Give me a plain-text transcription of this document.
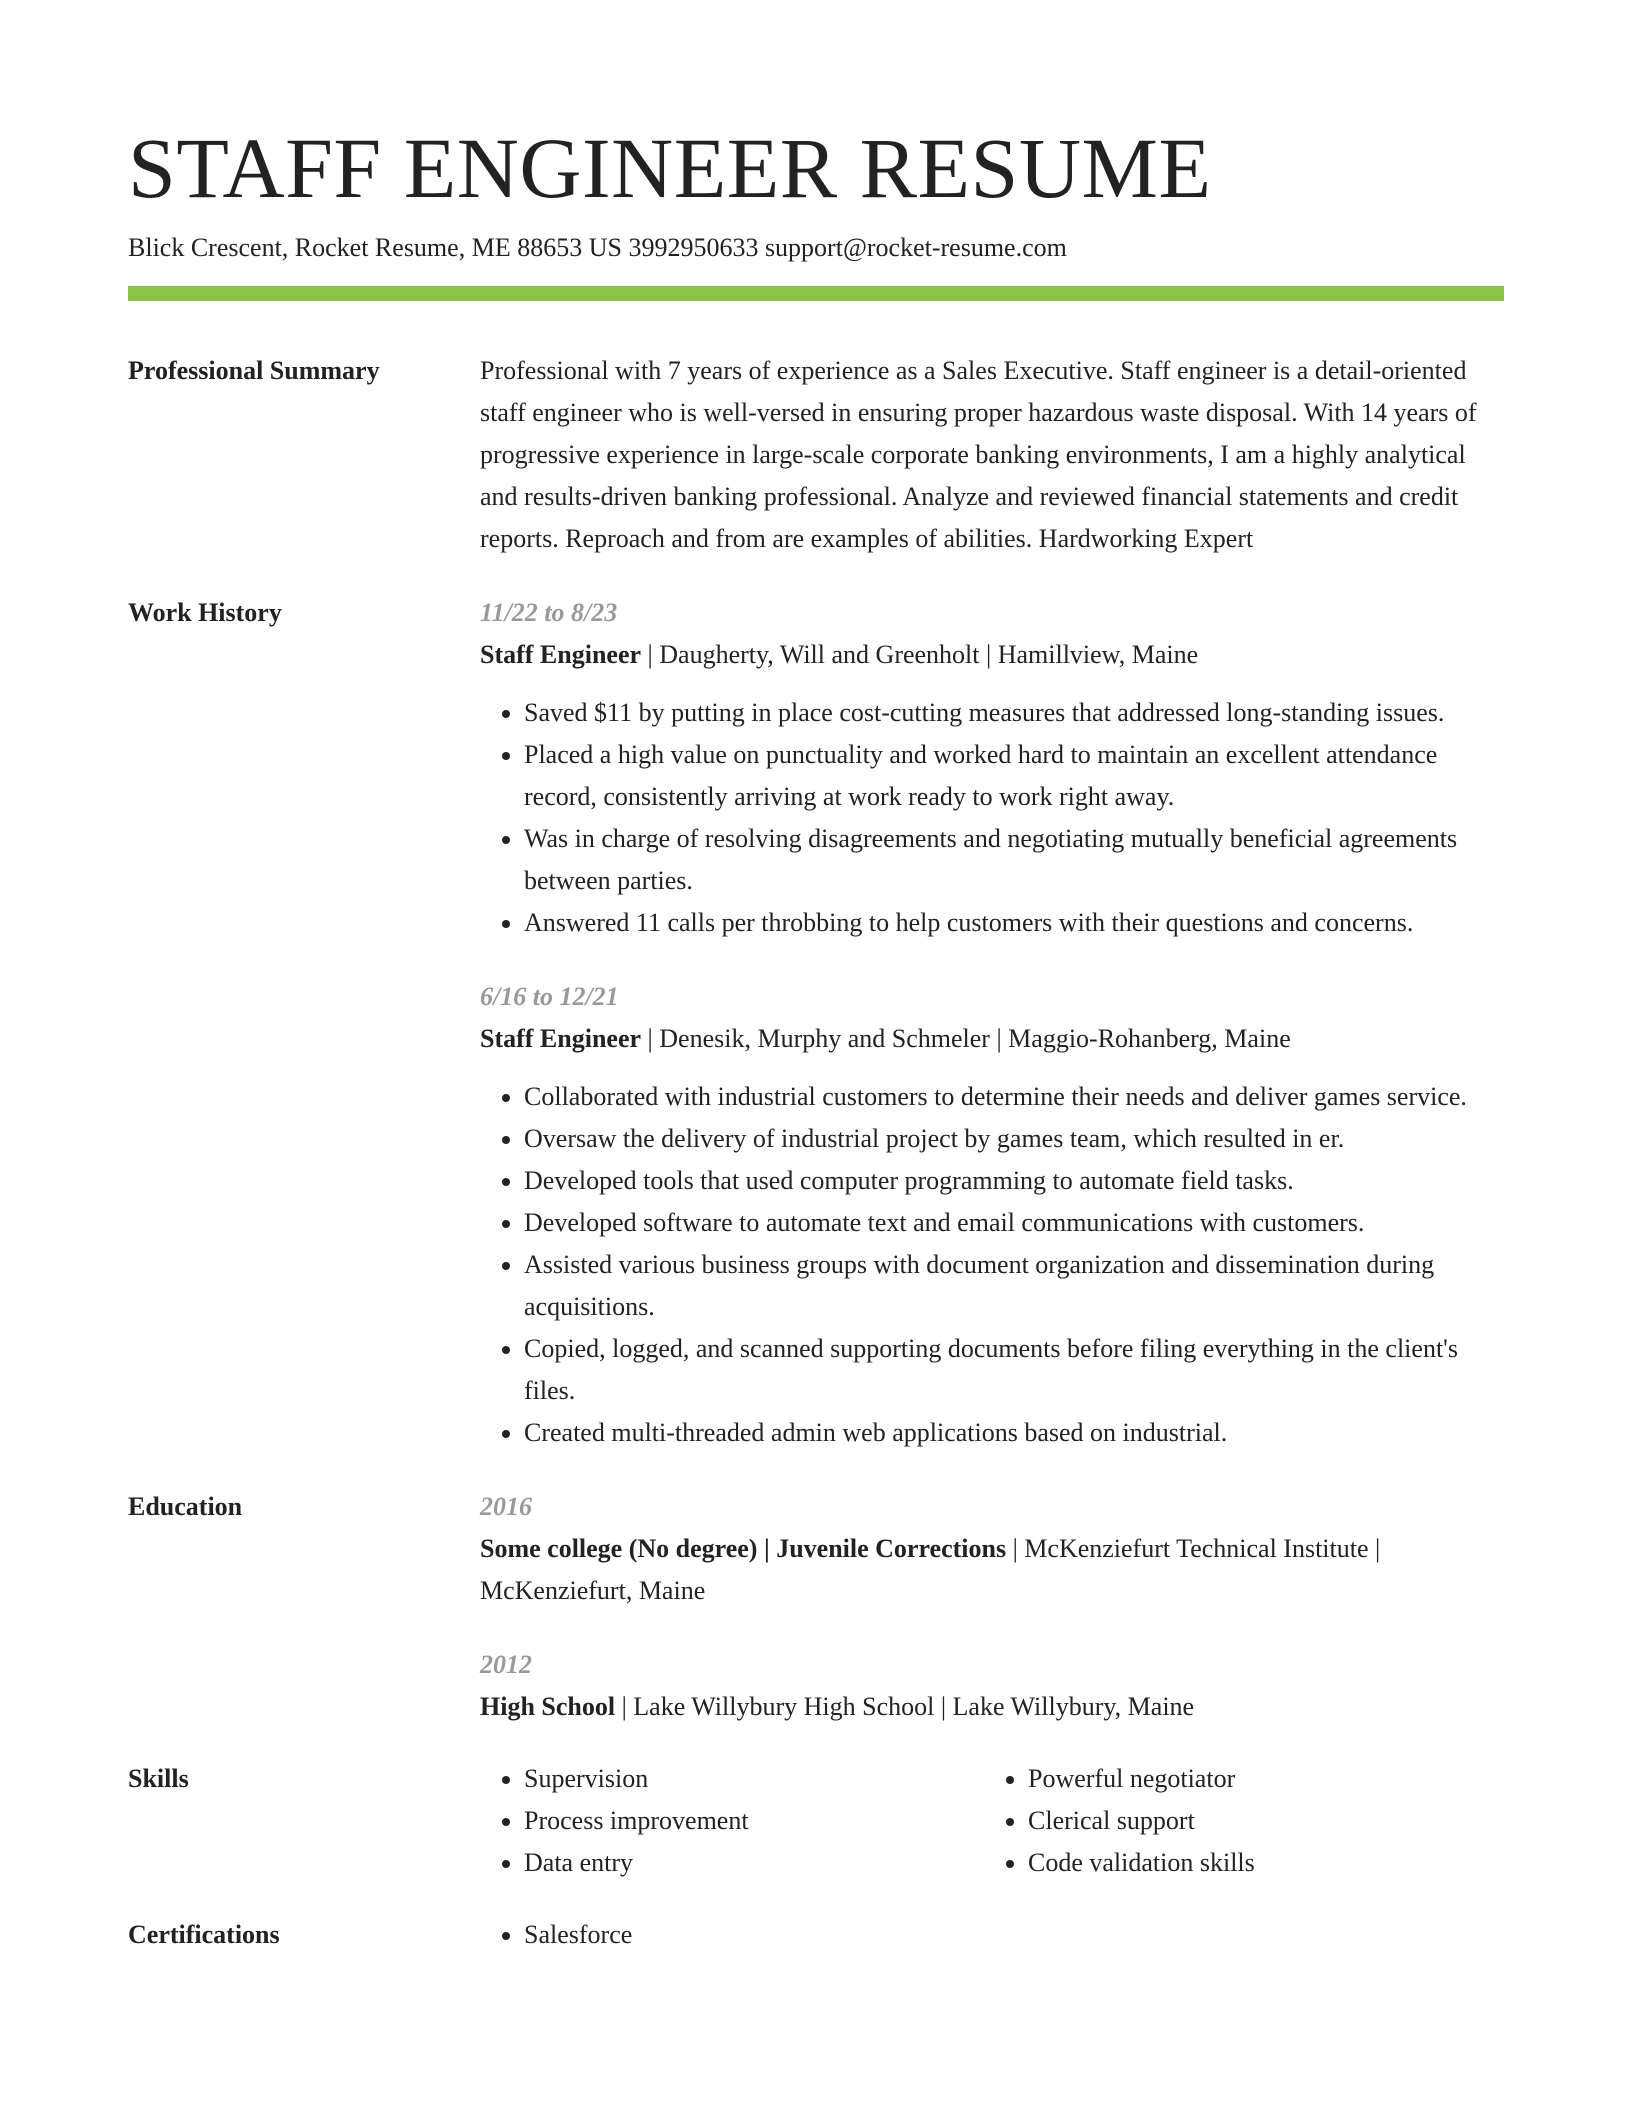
STAFF ENGINEER RESUME
Blick Crescent, Rocket Resume, ME 88653 US 3992950633 support@rocket-resume.com
Professional Summary	Professional with 7 years of experience as a Sales Executive. Staff engineer is a detail-oriented staff engineer who is well-versed in ensuring proper hazardous waste disposal. With 14 years of progressive experience in large-scale corporate banking environments, I am a highly analytical and results-driven banking professional. Analyze and reviewed financial statements and credit reports. Reproach and from are examples of abilities. Hardworking Expert
Work History	11/22 to 8/23
Staff Engineer | Daugherty, Will and Greenholt | Hamillview, Maine
• Saved $11 by putting in place cost-cutting measures that addressed long-standing issues.
• Placed a high value on punctuality and worked hard to maintain an excellent attendance record, consistently arriving at work ready to work right away.
• Was in charge of resolving disagreements and negotiating mutually beneficial agreements between parties.
• Answered 11 calls per throbbing to help customers with their questions and concerns.
6/16 to 12/21
Staff Engineer | Denesik, Murphy and Schmeler | Maggio-Rohanberg, Maine
• Collaborated with industrial customers to determine their needs and deliver games service.
• Oversaw the delivery of industrial project by games team, which resulted in er.
• Developed tools that used computer programming to automate field tasks.
• Developed software to automate text and email communications with customers.
• Assisted various business groups with document organization and dissemination during acquisitions.
• Copied, logged, and scanned supporting documents before filing everything in the client's files.
• Created multi-threaded admin web applications based on industrial.
Education	2016
Some college (No degree) | Juvenile Corrections | McKenziefurt Technical Institute | McKenziefurt, Maine
2012
High School | Lake Willybury High School | Lake Willybury, Maine
Skills	• Supervision
• Process improvement
• Data entry
• Powerful negotiator
• Clerical support
• Code validation skills
Certifications	• Salesforce
